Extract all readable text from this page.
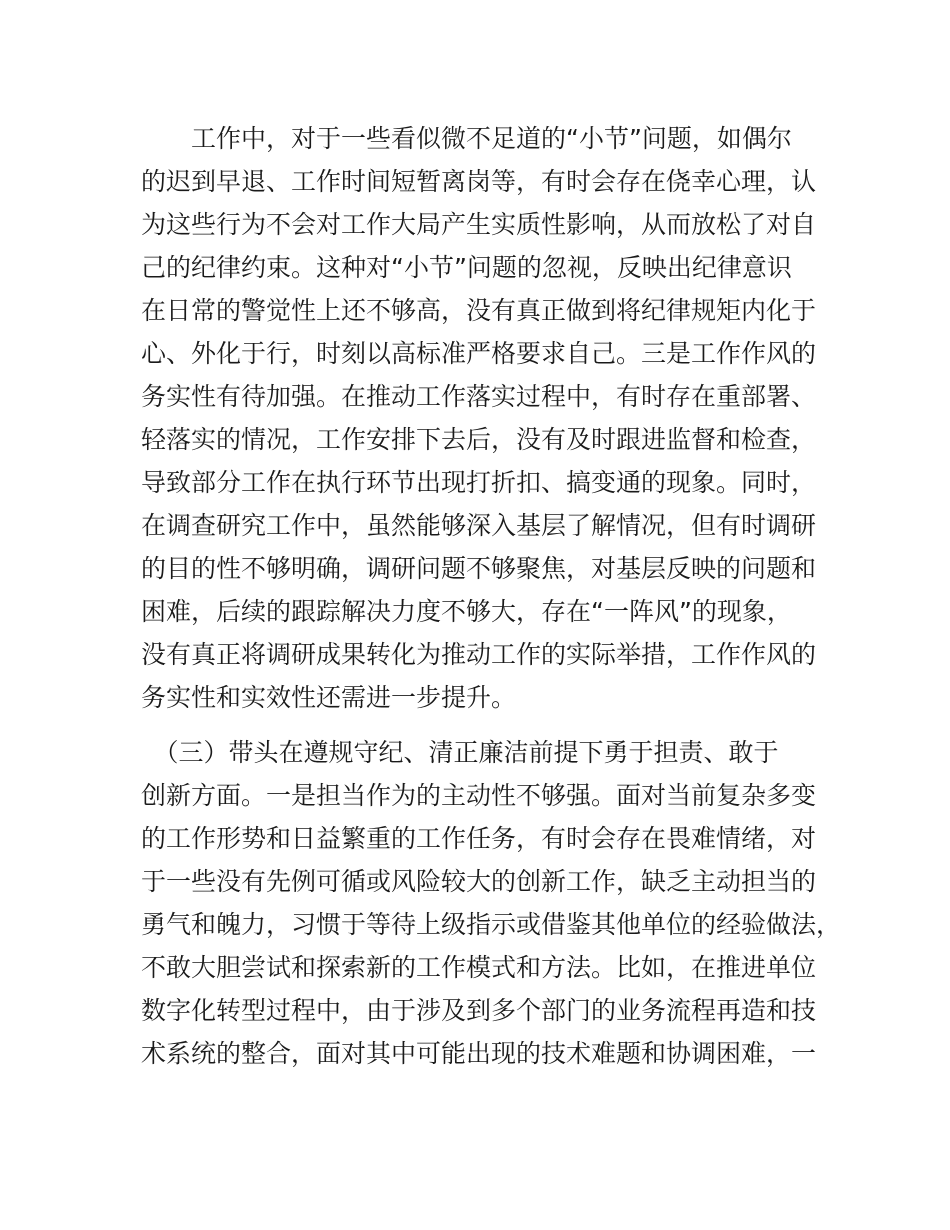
　　工作中，对于一些看似微不足道的“小节”问题，如偶尔
的迟到早退、工作时间短暂离岗等，有时会存在侥幸心理，认
为这些行为不会对工作大局产生实质性影响，从而放松了对自
己的纪律约束。这种对“小节”问题的忽视，反映出纪律意识
在日常的警觉性上还不够高，没有真正做到将纪律规矩内化于
心、外化于行，时刻以高标准严格要求自己。三是工作作风的
务实性有待加强。在推动工作落实过程中，有时存在重部署、
轻落实的情况，工作安排下去后，没有及时跟进监督和检查，
导致部分工作在执行环节出现打折扣、搞变通的现象。同时，
在调查研究工作中，虽然能够深入基层了解情况，但有时调研
的目的性不够明确，调研问题不够聚焦，对基层反映的问题和
困难，后续的跟踪解决力度不够大，存在“一阵风”的现象，
没有真正将调研成果转化为推动工作的实际举措，工作作风的
务实性和实效性还需进一步提升。
　（三）带头在遵规守纪、清正廉洁前提下勇于担责、敢于
创新方面。一是担当作为的主动性不够强。面对当前复杂多变
的工作形势和日益繁重的工作任务，有时会存在畏难情绪，对
于一些没有先例可循或风险较大的创新工作，缺乏主动担当的
勇气和魄力，习惯于等待上级指示或借鉴其他单位的经验做法，
不敢大胆尝试和探索新的工作模式和方法。比如，在推进单位
数字化转型过程中，由于涉及到多个部门的业务流程再造和技
术系统的整合，面对其中可能出现的技术难题和协调困难，一
